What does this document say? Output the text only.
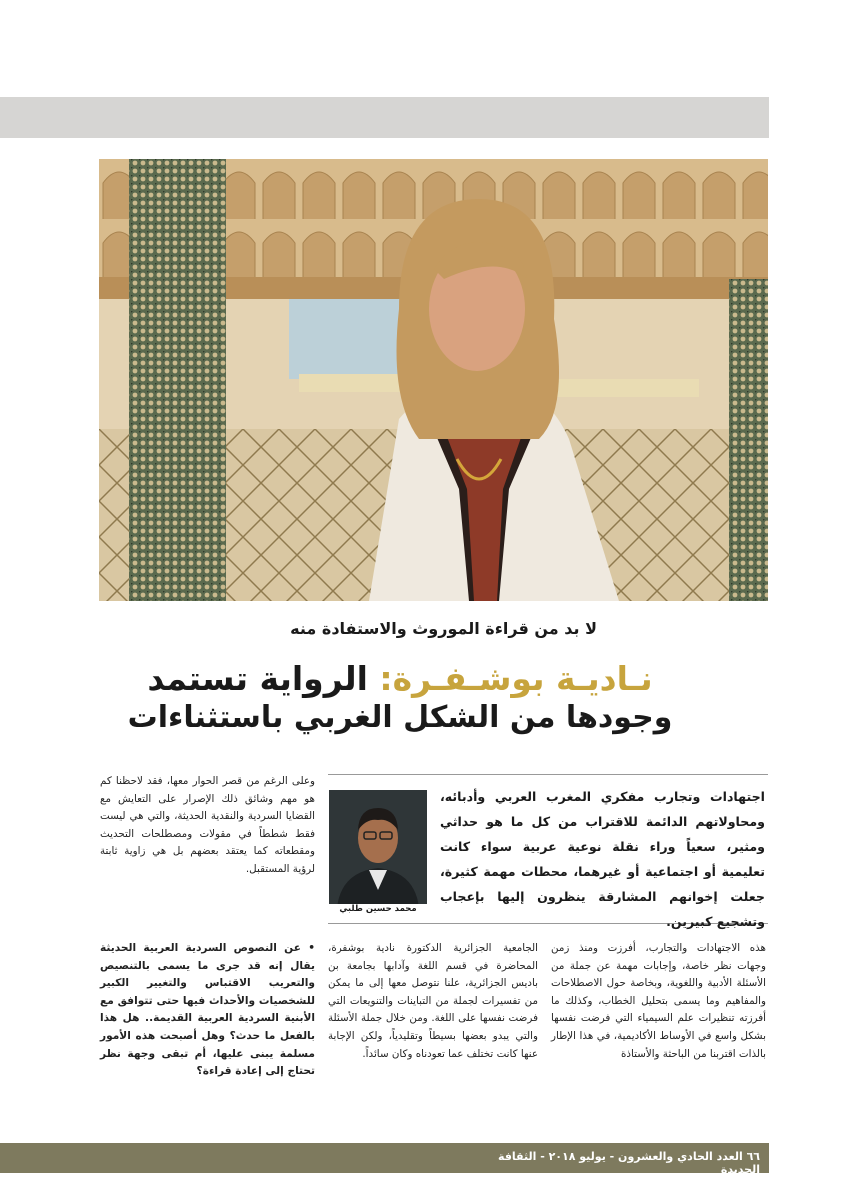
لا بد من قراءة الموروث والاستفادة منه
نـاديـة بوشـفـرة: الرواية تستمد
وجودها من الشكل الغربي باستثناءات
اجتهادات وتجارب مفكري المغرب العربي وأدبائه، ومحاولاتهم الدائمة للاقتراب من كل ما هو حداثي ومثير، سعياً وراء نقلة نوعية عربية سواء كانت تعليمية أو اجتماعية أو غيرهما، محطات مهمة كثيرة، جعلت إخوانهم المشارقة ينظرون إليها بإعجاب وتشجيع كبيرين.
محمد حسين طلبي
وعلى الرغم من قصر الحوار معها، فقد لاحظنا كم هو مهم وشائق ذلك الإصرار على التعايش مع القضايا السردية والنقدية الحديثة، والتي هي ليست فقط شططاً في مقولات ومصطلحات التحديث ومقطعاته كما يعتقد بعضهم بل هي زاوية ثابتة لرؤية المستقبل.
• عن النصوص السردية العربية الحديثة يقال إنه قد جرى ما يسمى بالتنصيص والتعريب الاقتباس والتغيير الكبير للشخصيات والأحداث فيها حتى تتوافق مع الأبنية السردية العربية القديمة.. هل هذا بالفعل ما حدث؟ وهل أصبحت هذه الأمور مسلمة يبنى عليها، أم تبقى وجهة نظر تحتاج إلى إعادة قراءة؟
الجامعية الجزائرية الدكتورة نادية بوشفرة، المحاضرة في قسم اللغة وآدابها بجامعة بن باديس الجزائرية، علنا نتوصل معها إلى ما يمكن من تفسيرات لجملة من التباينات والتنويعات التي فرضت نفسها على اللغة. ومن خلال جملة الأسئلة والتي يبدو بعضها بسيطاً وتقليدياً، ولكن الإجابة عنها كانت تختلف عما تعودناه وكان سائداً.
هذه الاجتهادات والتجارب، أفرزت ومنذ زمن وجهات نظر خاصة، وإجابات مهمة عن جملة من الأسئلة الأدبية واللغوية، وبخاصة حول الاصطلاحات والمفاهيم وما يسمى بتحليل الخطاب، وكذلك ما أفرزته تنظيرات علم السيمياء التي فرضت نفسها بشكل واسع في الأوساط الأكاديمية، في هذا الإطار بالذات اقتربنا من الباحثة والأستاذة
٦٦ العدد الحادي والعشرون - يوليو ٢٠١٨ - الثقافة الجديدة
